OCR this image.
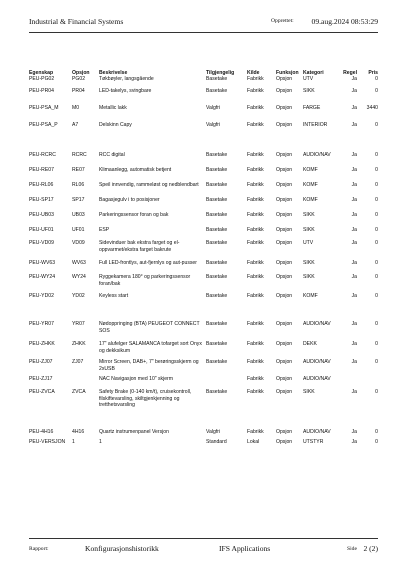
Industrial & Financial Systems	Opprettet: 09.aug.2024 08:53:29
Egenskap	Opsjon	Beskrivelse	Tilgjengelig	Kilde	Funksjon	Kategori	Regel	Pris
PEU-PG02	PG02	Tøkbøyler, langsgående	Basetake	Fabrikk	Opsjon	UTV	Ja	0
PEU-PR04	PR04	LED-takelys, svingbare	Basetake	Fabrikk	Opsjon	SIKK	Ja	0
PEU-PSA_M	M0	Metallic lakk	Valgfri	Fabrikk	Opsjon	FARGE	Ja	3440
PEU-PSA_P	A7	Delskinn Capy	Valgfri	Fabrikk	Opsjon	INTERIOR	Ja	0

PEU-RCRC	RCRC	RCC digital	Basetake	Fabrikk	Opsjon	AUDIO/NAV	Ja	0
PEU-RE07	RE07	Klimaanlegg, automatisk betjent	Basetake	Fabrikk	Opsjon	KOMF	Ja	0
PEU-RL06	RL06	Speil innvendig, rammeløst og nedblendbart	Basetake	Fabrikk	Opsjon	KOMF	Ja	0
PEU-SP17	SP17	Bagasjegulv i to posisjoner	Basetake	Fabrikk	Opsjon	KOMF	Ja	0
PEU-UB03	UB03	Parkeringssensor foran og bak	Basetake	Fabrikk	Opsjon	SIKK	Ja	0
PEU-UF01	UF01	ESP	Basetake	Fabrikk	Opsjon	SIKK	Ja	0
PEU-VD09	VD09	Sidevinduer bak ekstra farget og el-oppvarmet/ekstra farget bakrute	Basetake	Fabrikk	Opsjon	UTV	Ja	0
PEU-WV63	WV63	Full LED-frontlys, aut-fjernlys og aut-pusser	Basetake	Fabrikk	Opsjon	SIKK	Ja	0
PEU-WY24	WY24	Ryggekamera 180° og parkeringssensor foran/bak	Basetake	Fabrikk	Opsjon	SIKK	Ja	0
PEU-YD02	YD02	Keyless start	Basetake	Fabrikk	Opsjon	KOMF	Ja	0

PEU-YR07	YR07	Nødoppringing (BTA) PEUGEOT CONNECT SOS	Basetake	Fabrikk	Opsjon	AUDIO/NAV	Ja	0
PEU-ZHKK	ZHKK	17" alufelger SALAMANCA tofarget sort Onyx og dekksikum	Basetake	Fabrikk	Opsjon	DEKK	Ja	0
PEU-ZJ07	ZJ07	Mirror Screen, DAB+, 7" berøringsskjerm og 2xUSB	Basetake	Fabrikk	Opsjon	AUDIO/NAV	Ja	0
PEU-ZJ17		NAC Navigasjon med 10" skjerm		Fabrikk	Opsjon	AUDIO/NAV		
PEU-ZVCA	ZVCA	Safety Brake (0-140 km/t), cruisekontroll, filskiftevarsling, skiltgjenkjenning og tretthetsvarsling	Basetake	Fabrikk	Opsjon	SIKK	Ja	0

PEU-4H16	4H16	Quartz instrumenpanel Versjon	Valgfri	Fabrikk	Opsjon	AUDIO/NAV	Ja	0
PEU-VERSJON	1	1	Standard	Lokal	Opsjon	UTSTYR	Ja	0
Rapport:	Konfigurasjonshistorikk	IFS Applications	Side 2 (2)
